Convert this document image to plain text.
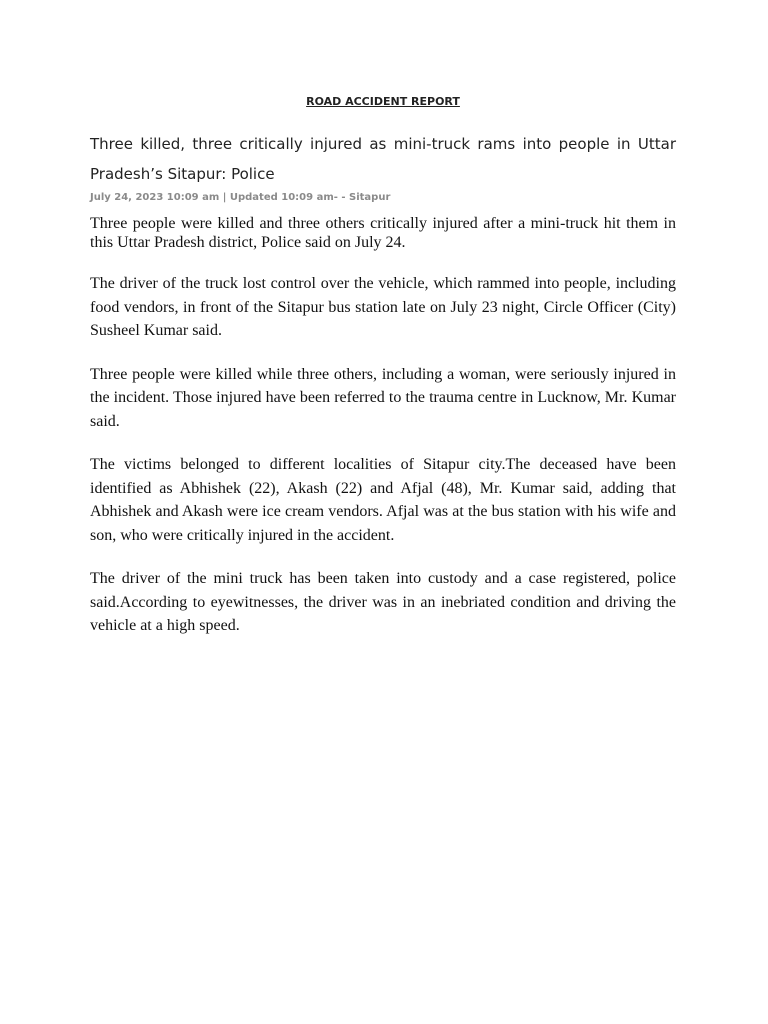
ROAD ACCIDENT REPORT
Three killed, three critically injured as mini-truck rams into people in Uttar Pradesh’s Sitapur: Police
July 24, 2023 10:09 am | Updated 10:09 am- - Sitapur

Three people were killed and three others critically injured after a mini-truck hit them in this Uttar Pradesh district, Police said on July 24.

The driver of the truck lost control over the vehicle, which rammed into people, including food vendors, in front of the Sitapur bus station late on July 23 night, Circle Officer (City) Susheel Kumar said.

Three people were killed while three others, including a woman, were seriously injured in the incident. Those injured have been referred to the trauma centre in Lucknow, Mr. Kumar said.

The victims belonged to different localities of Sitapur city.The deceased have been identified as Abhishek (22), Akash (22) and Afjal (48), Mr. Kumar said, adding that Abhishek and Akash were ice cream vendors. Afjal was at the bus station with his wife and son, who were critically injured in the accident.

The driver of the mini truck has been taken into custody and a case registered, police said.According to eyewitnesses, the driver was in an inebriated condition and driving the vehicle at a high speed.
